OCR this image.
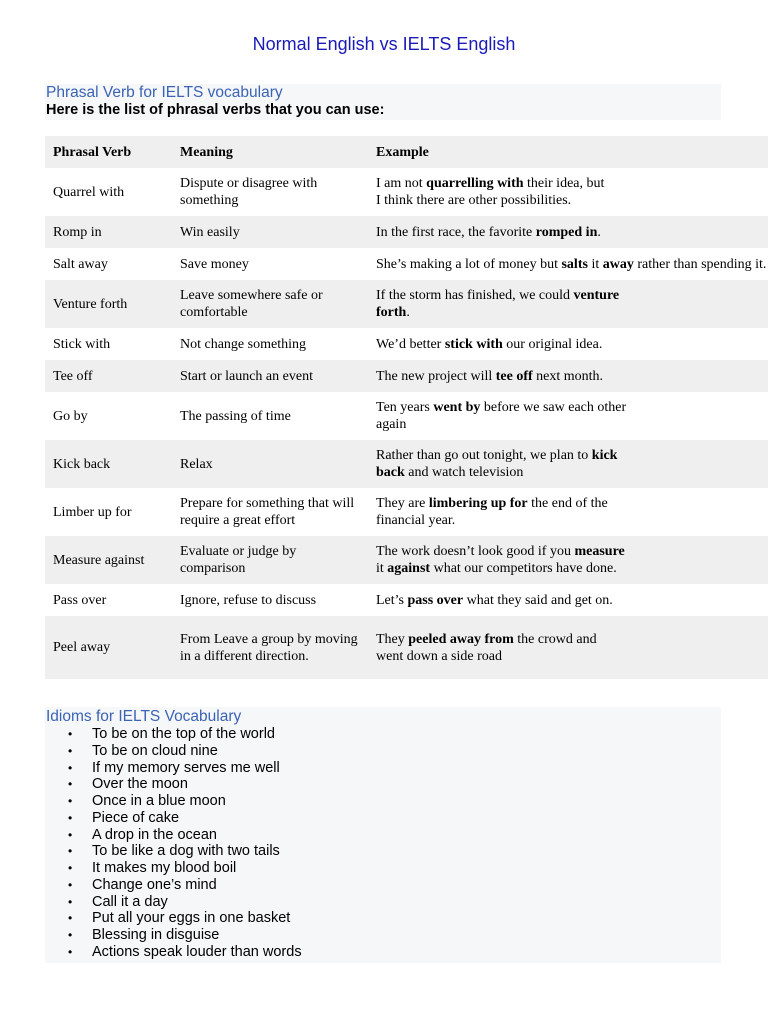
Normal English vs IELTS English
Phrasal Verb for IELTS vocabulary
Here is the list of phrasal verbs that you can use:
Phrasal Verb	Meaning	Example
Quarrel with	Dispute or disagree with something	I am not quarrelling with their idea, but
I think there are other possibilities.
Romp in	Win easily	In the first race, the favorite romped in.
Salt away	Save money	She’s making a lot of money but salts it away rather than spending it.
Venture forth	Leave somewhere safe or comfortable	If the storm has finished, we could venture
forth.
Stick with	Not change something	We’d better stick with our original idea.
Tee off	Start or launch an event	The new project will tee off next month.
Go by	The passing of time	Ten years went by before we saw each other
again
Kick back	Relax	Rather than go out tonight, we plan to kick
back and watch television
Limber up for	Prepare for something that will require a great effort	They are limbering up for the end of the
financial year.
Measure against	Evaluate or judge by comparison	The work doesn’t look good if you measure
it against what our competitors have done.
Pass over	Ignore, refuse to discuss	Let’s pass over what they said and get on.
Peel away	From Leave a group by moving in a different direction.	They peeled away from the crowd and
went down a side road
Idioms for IELTS Vocabulary
• To be on the top of the world
• To be on cloud nine
• If my memory serves me well
• Over the moon
• Once in a blue moon
• Piece of cake
• A drop in the ocean
• To be like a dog with two tails
• It makes my blood boil
• Change one’s mind
• Call it a day
• Put all your eggs in one basket
• Blessing in disguise
• Actions speak louder than words
